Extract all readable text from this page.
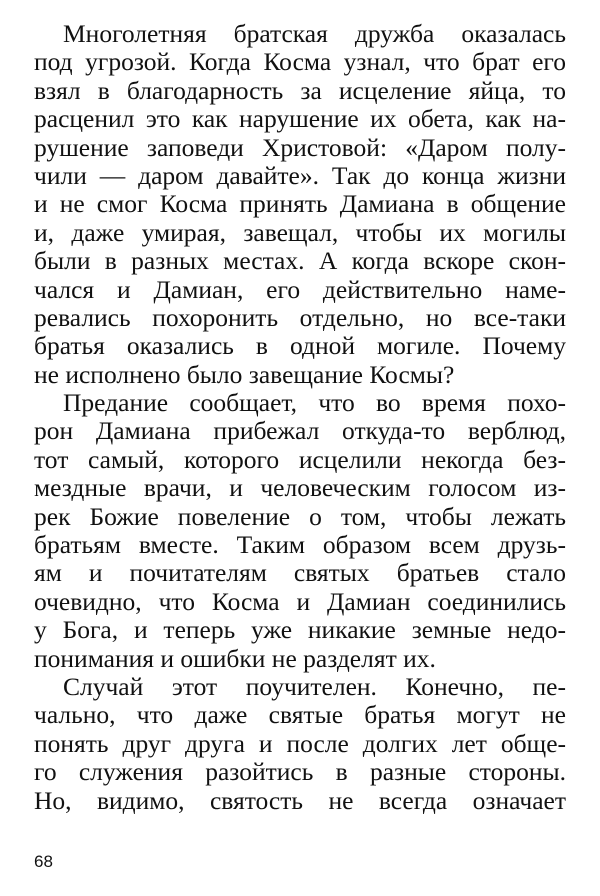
Многолетняя братская дружба оказалась
под угрозой. Когда Косма узнал, что брат его
взял в благодарность за исцеление яйца, то
расценил это как нарушение их обета, как на-
рушение заповеди Христовой: «Даром полу-
чили — даром давайте». Так до конца жизни
и не смог Косма принять Дамиана в общение
и, даже умирая, завещал, чтобы их могилы
были в разных местах. А когда вскоре скон-
чался и Дамиан, его действительно наме-
ревались похоронить отдельно, но все-таки
братья оказались в одной могиле. Почему
не исполнено было завещание Космы?
Предание сообщает, что во время похо-
рон Дамиана прибежал откуда-то верблюд,
тот самый, которого исцелили некогда без-
мездные врачи, и человеческим голосом из-
рек Божие повеление о том, чтобы лежать
братьям вместе. Таким образом всем друзь-
ям и почитателям святых братьев стало
очевидно, что Косма и Дамиан соединились
у Бога, и теперь уже никакие земные недо-
понимания и ошибки не разделят их.
Случай этот поучителен. Конечно, пе-
чально, что даже святые братья могут не
понять друг друга и после долгих лет обще-
го служения разойтись в разные стороны.
Но, видимо, святость не всегда означает
68
